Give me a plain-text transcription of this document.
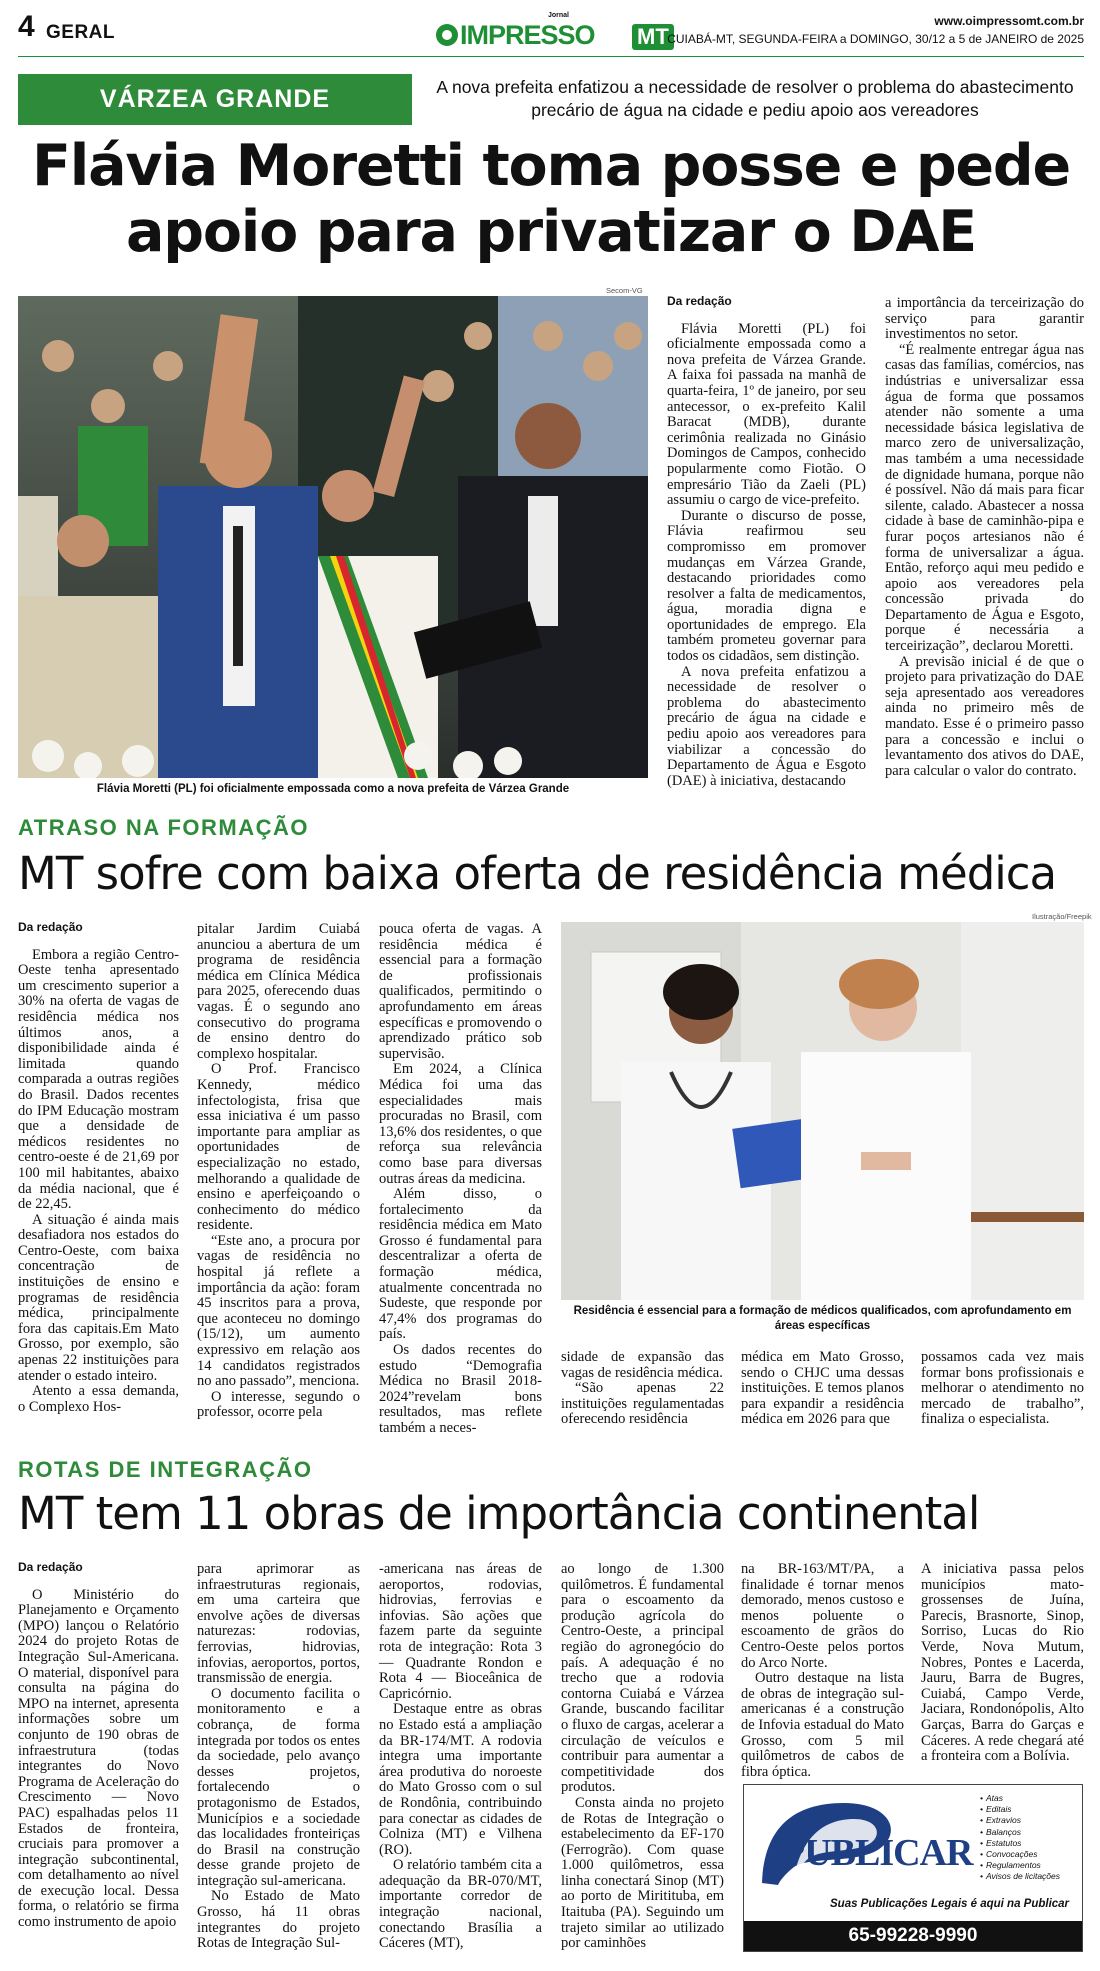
4 GERAL
Jornal
IMPRESSO MT
www.oimpressomt.com.br
CUIABÁ-MT, SEGUNDA-FEIRA a DOMINGO, 30/12 a 5 de JANEIRO de 2025
VÁRZEA GRANDE	A nova prefeita enfatizou a necessidade de resolver o problema do abastecimento precário de água na cidade e pediu apoio aos vereadores
Flávia Moretti toma posse e pede
apoio para privatizar o DAE
Secom-VG
Flávia Moretti (PL) foi oficialmente empossada como a nova prefeita de Várzea Grande

Da redação

Flávia Moretti (PL) foi oficialmente empossada como a nova prefeita de Várzea Grande. A faixa foi passada na manhã de quarta-feira, 1º de janeiro, por seu antecessor, o ex-prefeito Kalil Baracat (MDB), durante cerimônia realizada no Ginásio Domingos de Campos, conhecido popularmente como Fiotão. O empresário Tião da Zaeli (PL) assumiu o cargo de vice-prefeito.

Durante o discurso de posse, Flávia reafirmou seu compromisso em promover mudanças em Várzea Grande, destacando prioridades como resolver a falta de medicamentos, água, moradia digna e oportunidades de emprego. Ela também prometeu governar para todos os cidadãos, sem distinção.

A nova prefeita enfatizou a necessidade de resolver o problema do abastecimento precário de água na cidade e pediu apoio aos vereadores para viabilizar a concessão do Departamento de Água e Esgoto (DAE) à iniciativa, destacando

a importância da terceirização do serviço para garantir investimentos no setor.

“É realmente entregar água nas casas das famílias, comércios, nas indústrias e universalizar essa água de forma que possamos atender não somente a uma necessidade básica legislativa de marco zero de universalização, mas também a uma necessidade de dignidade humana, porque não é possível. Não dá mais para ficar silente, calado. Abastecer a nossa cidade à base de caminhão-pipa e furar poços artesianos não é forma de universalizar a água. Então, reforço aqui meu pedido e apoio aos vereadores pela concessão privada do Departamento de Água e Esgoto, porque é necessária a terceirização”, declarou Moretti.

A previsão inicial é de que o projeto para privatização do DAE seja apresentado aos vereadores ainda no primeiro mês de mandato. Esse é o primeiro passo para a concessão e inclui o levantamento dos ativos do DAE, para calcular o valor do contrato.

ATRASO NA FORMAÇÃO
MT sofre com baixa oferta de residência médica

Da redação

Embora a região Centro-Oeste tenha apresentado um crescimento superior a 30% na oferta de vagas de residência médica nos últimos anos, a disponibilidade ainda é limitada quando comparada a outras regiões do Brasil. Dados recentes do IPM Educação mostram que a densidade de médicos residentes no centro-oeste é de 21,69 por 100 mil habitantes, abaixo da média nacional, que é de 22,45.

A situação é ainda mais desafiadora nos estados do Centro-Oeste, com baixa concentração de instituições de ensino e programas de residência médica, principalmente fora das capitais.Em Mato Grosso, por exemplo, são apenas 22 instituições para atender o estado inteiro.

Atento a essa demanda, o Complexo Hos-

pitalar Jardim Cuiabá anunciou a abertura de um programa de residência médica em Clínica Médica para 2025, oferecendo duas vagas. É o segundo ano consecutivo do programa de ensino dentro do complexo hospitalar.

O Prof. Francisco Kennedy, médico infectologista, frisa que essa iniciativa é um passo importante para ampliar as oportunidades de especialização no estado, melhorando a qualidade de ensino e aperfeiçoando o conhecimento do médico residente.

“Este ano, a procura por vagas de residência no hospital já reflete a importância da ação: foram 45 inscritos para a prova, que aconteceu no domingo (15/12), um aumento expressivo em relação aos 14 candidatos registrados no ano passado”, menciona.

O interesse, segundo o professor, ocorre pela

pouca oferta de vagas. A residência médica é essencial para a formação de profissionais qualificados, permitindo o aprofundamento em áreas específicas e promovendo o aprendizado prático sob supervisão.

Em 2024, a Clínica Médica foi uma das especialidades mais procuradas no Brasil, com 13,6% dos residentes, o que reforça sua relevância como base para diversas outras áreas da medicina.

Além disso, o fortalecimento da residência médica em Mato Grosso é fundamental para descentralizar a oferta de formação médica, atualmente concentrada no Sudeste, que responde por 47,4% dos programas do país.

Os dados recentes do estudo “Demografia Médica no Brasil 2018-2024”revelam bons resultados, mas reflete também a neces-

Ilustração/Freepik
Residência é essencial para a formação de médicos qualificados, com aprofundamento em áreas específicas

sidade de expansão das vagas de residência médica.

“São apenas 22 instituições regulamentadas oferecendo residência

médica em Mato Grosso, sendo o CHJC uma dessas instituições. E temos planos para expandir a residência médica em 2026 para que

possamos cada vez mais formar bons profissionais e melhorar o atendimento no mercado de trabalho”, finaliza o especialista.

ROTAS DE INTEGRAÇÃO
MT tem 11 obras de importância continental

Da redação

O Ministério do Planejamento e Orçamento (MPO) lançou o Relatório 2024 do projeto Rotas de Integração Sul-Americana. O material, disponível para consulta na página do MPO na internet, apresenta informações sobre um conjunto de 190 obras de infraestrutura (todas integrantes do Novo Programa de Aceleração do Crescimento — Novo PAC) espalhadas pelos 11 Estados de fronteira, cruciais para promover a integração subcontinental, com detalhamento ao nível de execução local. Dessa forma, o relatório se firma como instrumento de apoio

para aprimorar as infraestruturas regionais, em uma carteira que envolve ações de diversas naturezas: rodovias, ferrovias, hidrovias, infovias, aeroportos, portos, transmissão de energia.

O documento facilita o monitoramento e a cobrança, de forma integrada por todos os entes da sociedade, pelo avanço desses projetos, fortalecendo o protagonismo de Estados, Municípios e a sociedade das localidades fronteiriças do Brasil na construção desse grande projeto de integração sul-americana.

No Estado de Mato Grosso, há 11 obras integrantes do projeto Rotas de Integração Sul-

-americana nas áreas de aeroportos, rodovias, hidrovias, ferrovias e infovias. São ações que fazem parte da seguinte rota de integração: Rota 3 — Quadrante Rondon e Rota 4 — Bioceânica de Capricórnio.

Destaque entre as obras no Estado está a ampliação da BR-174/MT. A rodovia integra uma importante área produtiva do noroeste do Mato Grosso com o sul de Rondônia, contribuindo para conectar as cidades de Colniza (MT) e Vilhena (RO).

O relatório também cita a adequação da BR-070/MT, importante corredor de integração nacional, conectando Brasília a Cáceres (MT),

ao longo de 1.300 quilômetros. É fundamental para o escoamento da produção agrícola do Centro-Oeste, a principal região do agronegócio do país. A adequação é no trecho que a rodovia contorna Cuiabá e Várzea Grande, buscando facilitar o fluxo de cargas, acelerar a circulação de veículos e contribuir para aumentar a competitividade dos produtos.

Consta ainda no projeto de Rotas de Integração o estabelecimento da EF-170 (Ferrogrão). Com quase 1.000 quilômetros, essa linha conectará Sinop (MT) ao porto de Miritituba, em Itaituba (PA). Seguindo um trajeto similar ao utilizado por caminhões

na BR-163/MT/PA, a finalidade é tornar menos demorado, menos custoso e menos poluente o escoamento de grãos do Centro-Oeste pelos portos do Arco Norte.

Outro destaque na lista de obras de integração sul-americanas é a construção de Infovia estadual do Mato Grosso, com 5 mil quilômetros de cabos de fibra óptica.

A iniciativa passa pelos municípios mato-grossenses de Juína, Parecis, Brasnorte, Sinop, Sorriso, Lucas do Rio Verde, Nova Mutum, Nobres, Pontes e Lacerda, Jauru, Barra de Bugres, Cuiabá, Campo Verde, Jaciara, Rondonópolis, Alto Garças, Barra do Garças e Cáceres. A rede chegará até a fronteira com a Bolívia.

PUBLICAR
Suas Publicações Legais é aqui na Publicar
• Atas
• Editais
• Extravios
• Balanços
• Estatutos
• Convocações
• Regulamentos
• Avisos de licitações
65-99228-9990
